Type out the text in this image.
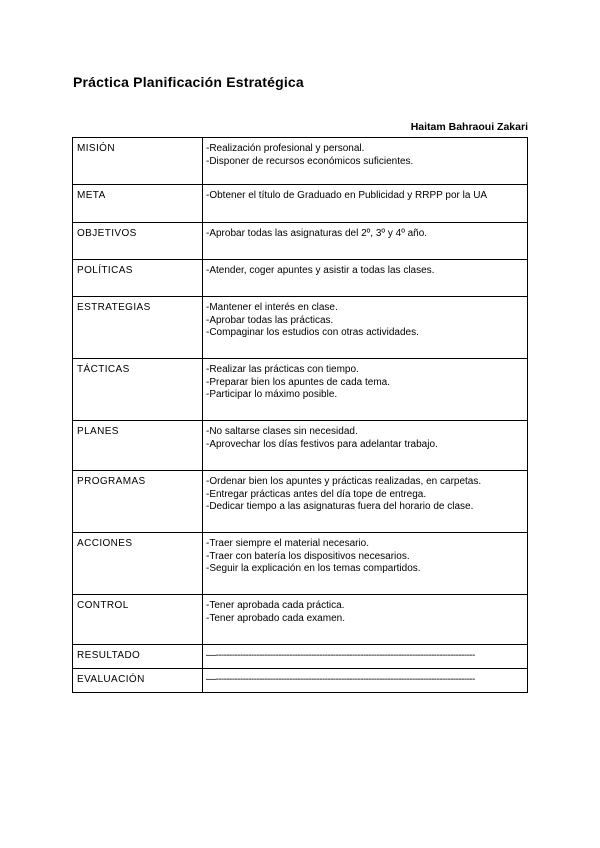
Práctica Planificación Estratégica
Haitam Bahraoui Zakari
MISIÓN	-Realización profesional y personal.
-Disponer de recursos económicos suficientes.

META	-Obtener el título de Graduado en Publicidad y RRPP por la UA

OBJETIVOS	-Aprobar todas las asignaturas del 2º, 3º y 4º año.

POLÍTICAS	-Atender, coger apuntes y asistir a todas las clases.

ESTRATEGIAS	-Mantener el interés en clase.
-Aprobar todas las prácticas.
-Compaginar los estudios con otras actividades.

TÁCTICAS	-Realizar las prácticas con tiempo.
-Preparar bien los apuntes de cada tema.
-Participar lo máximo posible.

PLANES	-No saltarse clases sin necesidad.
-Aprovechar los días festivos para adelantar trabajo.

PROGRAMAS	-Ordenar bien los apuntes y prácticas realizadas, en carpetas.
-Entregar prácticas antes del día tope de entrega.
-Dedicar tiempo a las asignaturas fuera del horario de clase.

ACCIONES	-Traer siempre el material necesario.
-Traer con batería los dispositivos necesarios.
-Seguir la explicación en los temas compartidos.

CONTROL	-Tener aprobada cada práctica.
-Tener aprobado cada examen.

RESULTADO	—-----------------------------------------------------------------------------------------------

EVALUACIÓN	—-----------------------------------------------------------------------------------------------
